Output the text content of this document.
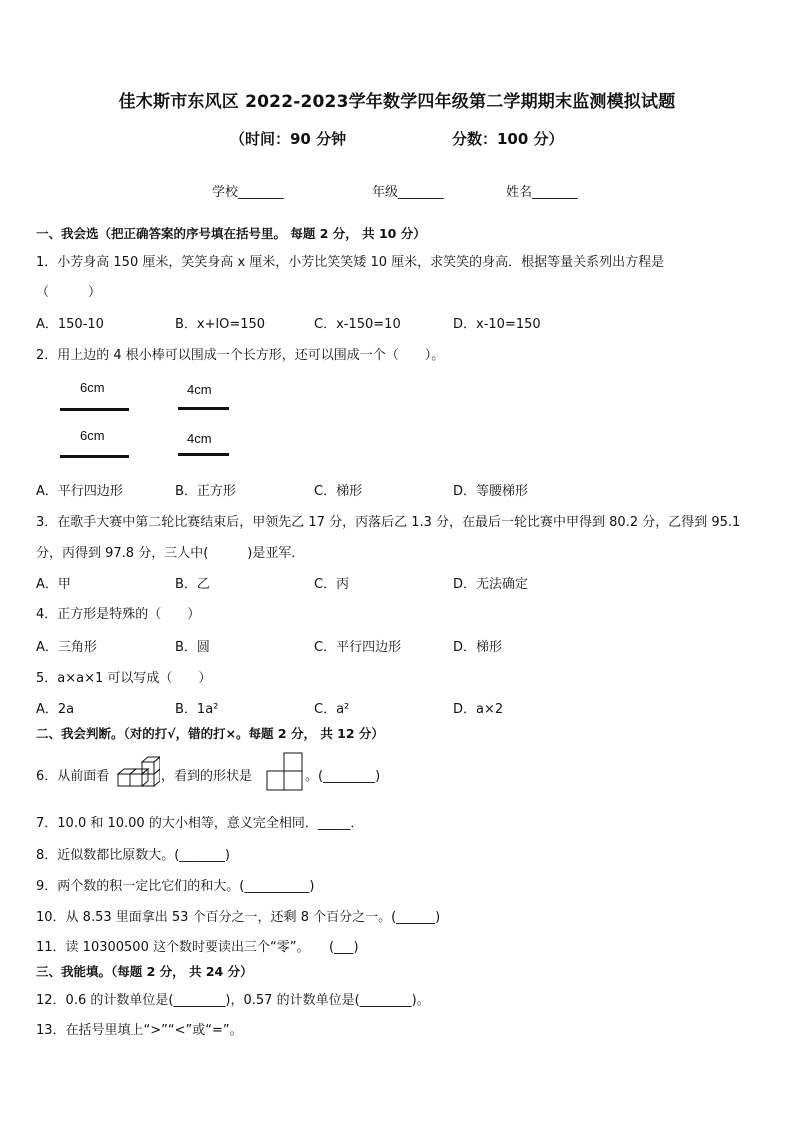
佳木斯市东风区 2022-2023学年数学四年级第二学期期末监测模拟试题
（时间：90 分钟	分数：100 分）
学校_______	年级_______	姓名_______
一、我会选（把正确答案的序号填在括号里。 每题 2 分， 共 10 分）
1．小芳身高 150 厘米，笑笑身高 x 厘米，小芳比笑笑矮 10 厘米，求笑笑的身高．根据等量关系列出方程是
（　　　）
A．150-10	B．x+lO=150	C．x-150=10	D．x-10=150
2．用上边的 4 根小棒可以围成一个长方形，还可以围成一个（　　）。
6cm	4cm
6cm	4cm
A．平行四边形	B．正方形	C．梯形	D．等腰梯形
3．在歌手大赛中第二轮比赛结束后，甲领先乙 17 分，丙落后乙 1.3 分，在最后一轮比赛中甲得到 80.2 分，乙得到 95.1
分，丙得到 97.8 分，三人中(　　　)是亚军．
A．甲	B．乙	C．丙	D．无法确定
4．正方形是特殊的（　　）
A．三角形	B．圆	C．平行四边形	D．梯形
5．a×a×1 可以写成（　　）
A．2a	B．1a²	C．a²	D．a×2
二、我会判断。（对的打√，错的打×。每题 2 分， 共 12 分）
6．从前面看	，看到的形状是	。(________)
7．10.0 和 10.00 的大小相等，意义完全相同．_____．
8．近似数都比原数大。(_______)
9．两个数的积一定比它们的和大。(__________)
10．从 8.53 里面拿出 53 个百分之一，还剩 8 个百分之一。(______)
11．读 10300500 这个数时要读出三个“零”。　　(___)
三、我能填。（每题 2 分， 共 24 分）
12．0.6 的计数单位是(________)，0.57 的计数单位是(________)。
13．在括号里填上“>”“<”或“=”。
